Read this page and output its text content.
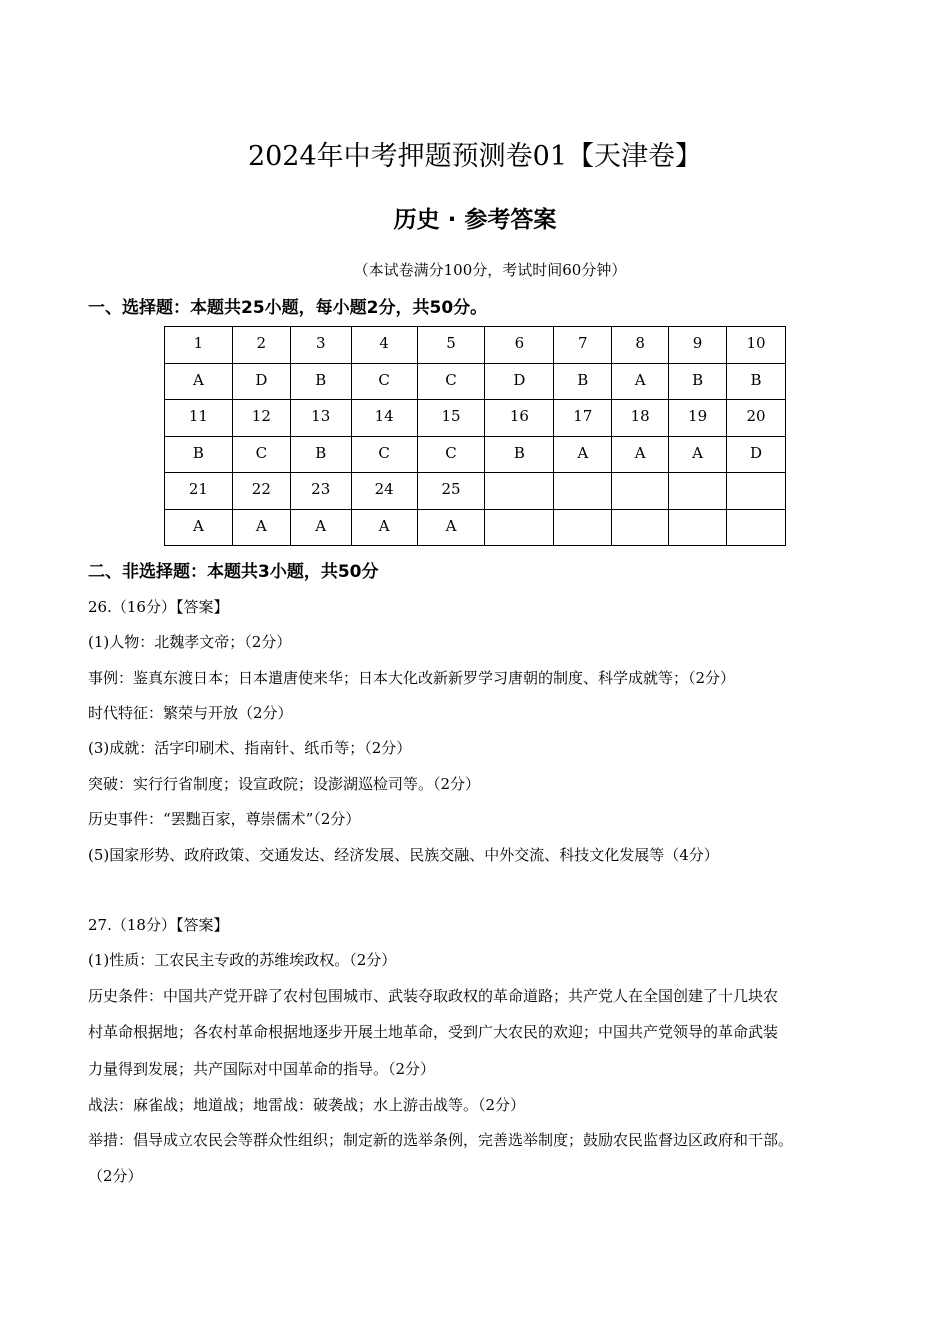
2024年中考押题预测卷01【天津卷】
历史 · 参考答案
（本试卷满分100分，考试时间60分钟）
一、选择题：本题共25小题，每小题2分，共50分。
1	2	3	4	5	6	7	8	9	10
A	D	B	C	C	D	B	A	B	B
11	12	13	14	15	16	17	18	19	20
B	C	B	C	C	B	A	A	A	D
21	22	23	24	25					
A	A	A	A	A					
二、非选择题：本题共3小题，共50分
26.（16分）【答案】
(1)人物：北魏孝文帝；（2分）
事例：鉴真东渡日本；日本遣唐使来华；日本大化改新新罗学习唐朝的制度、科学成就等；（2分）
时代特征：繁荣与开放（2分）
(3)成就：活字印刷术、指南针、纸币等；（2分）
突破：实行行省制度；设宣政院；设澎湖巡检司等。（2分）
历史事件：“罢黜百家，尊崇儒术”（2分）
(5)国家形势、政府政策、交通发达、经济发展、民族交融、中外交流、科技文化发展等（4分）
27.（18分）【答案】
(1)性质：工农民主专政的苏维埃政权。（2分）
历史条件：中国共产党开辟了农村包围城市、武装夺取政权的革命道路；共产党人在全国创建了十几块农
村革命根据地；各农村革命根据地逐步开展土地革命，受到广大农民的欢迎；中国共产党领导的革命武装
力量得到发展；共产国际对中国革命的指导。（2分）
战法：麻雀战；地道战；地雷战：破袭战；水上游击战等。（2分）
举措：倡导成立农民会等群众性组织；制定新的选举条例，完善选举制度；鼓励农民监督边区政府和干部。
（2分）
